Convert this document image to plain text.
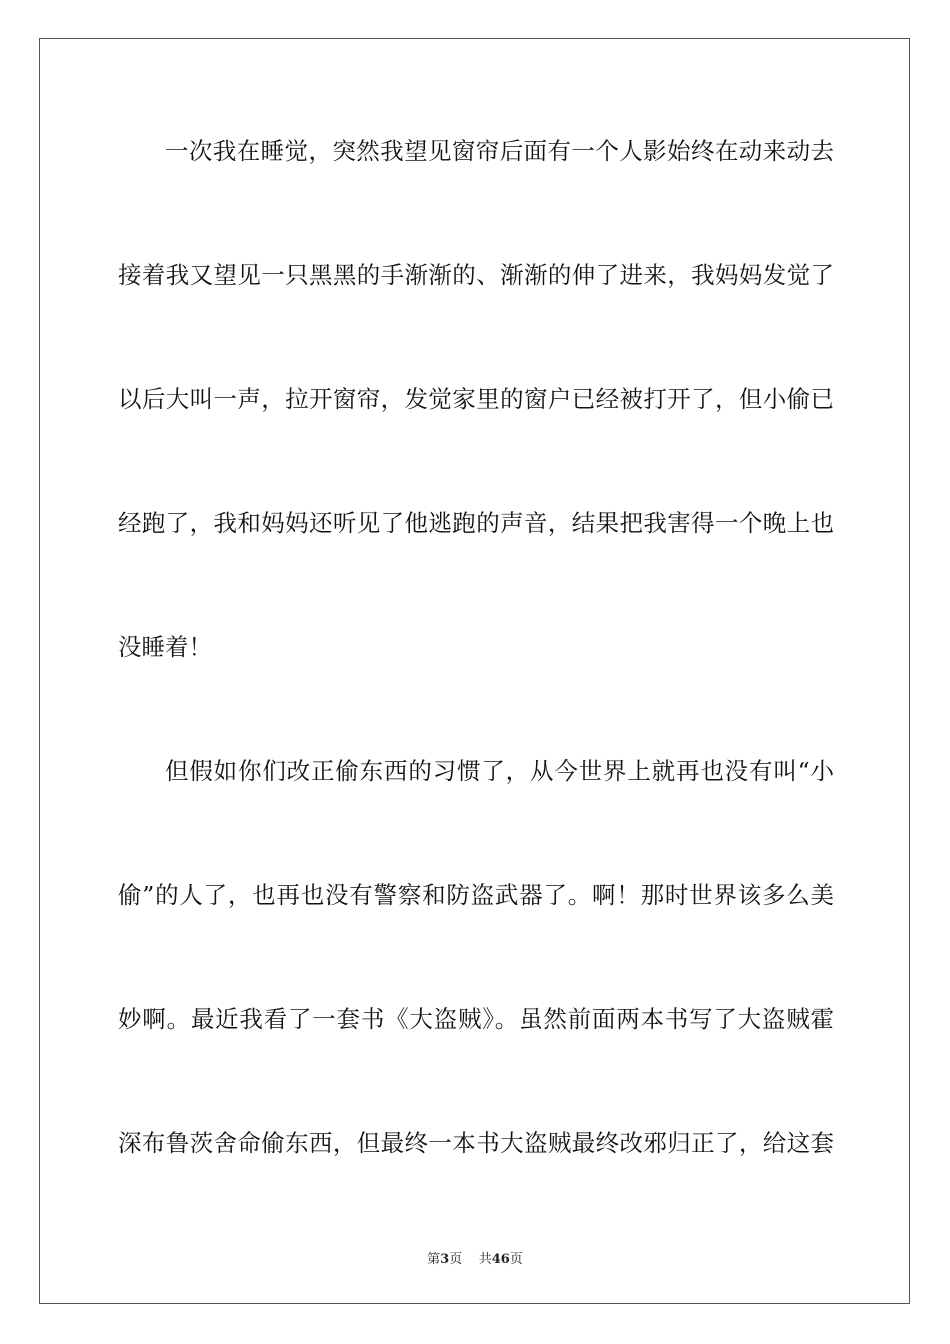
一次我在睡觉，突然我望见窗帘后面有一个人影始终在动来动去
接着我又望见一只黑黑的手渐渐的、渐渐的伸了进来，我妈妈发觉了
以后大叫一声，拉开窗帘，发觉家里的窗户已经被打开了，但小偷已
经跑了，我和妈妈还听见了他逃跑的声音，结果把我害得一个晚上也
没睡着！
但假如你们改正偷东西的习惯了，从今世界上就再也没有叫“小
偷”的人了，也再也没有警察和防盗武器了。啊！那时世界该多么美
妙啊。最近我看了一套书《大盗贼》。虽然前面两本书写了大盗贼霍
深布鲁茨舍命偷东西，但最终一本书大盗贼最终改邪归正了，给这套
第3页 共46页
